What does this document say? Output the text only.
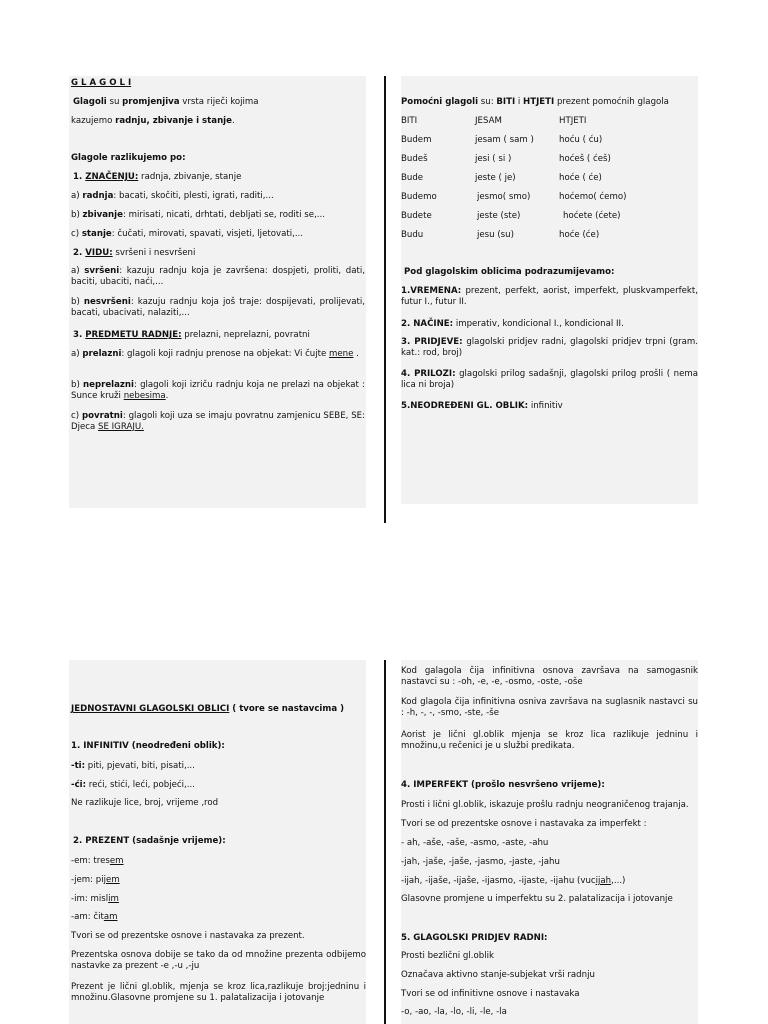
G L A G O L I
Glagoli su promjenjiva vrsta riječi kojima
kazujemo radnju, zbivanje i stanje.
Glagole razlikujemo po:
1. ZNAČENJU: radnja, zbivanje, stanje
a) radnja: bacati, skočiti, plesti, igrati, raditi,...
b) zbivanje: mirisati, nicati, drhtati, debljati se, roditi se,...
c) stanje: čučati, mirovati, spavati, visjeti, ljetovati,...
2. VIDU: svršeni i nesvršeni
a) svršeni: kazuju radnju koja je završena: dospjeti, proliti, dati, baciti, ubaciti, naći,...
b) nesvršeni: kazuju radnju koja još traje: dospijevati, prolijevati, bacati, ubacivati, nalaziti,...
3. PREDMETU RADNJE: prelazni, neprelazni, povratni
a) prelazni: glagoli koji radnju prenose na objekat: Vi čujte mene .
b) neprelazni: glagoli koji izriču radnju koja ne prelazi na objekat : Sunce kruži nebesima.
c) povratni: glagoli koji uza se imaju povratnu zamjenicu SEBE, SE: Djeca SE IGRAJU.
Pomoćni glagoli su: BITI i HTJETI prezent pomoćnih glagola
BITI	JESAM	HTJETI
Budem	jesam ( sam )	hoću ( ću)
Budeš	jesi ( si )	hoćeš ( ćeš)
Bude	jeste ( je)	hoće ( će)
Budemo	jesmo( smo)	hoćemo( ćemo)
Budete	jeste (ste)	hoćete (ćete)
Budu	jesu (su)	hoće (će)
Pod glagolskim oblicima podrazumijevamo:
1.VREMENA: prezent, perfekt, aorist, imperfekt, pluskvamperfekt, futur I., futur II.
2. NAČINE: imperativ, kondicional I., kondicional II.
3. PRIDJEVE: glagolski pridjev radni, glagolski pridjev trpni (gram. kat.: rod, broj)
4. PRILOZI: glagolski prilog sadašnji, glagolski prilog prošli ( nema lica ni broja)
5.NEODREĐENI GL. OBLIK: infinitiv
JEDNOSTAVNI GLAGOLSKI OBLICI ( tvore se nastavcima )
1. INFINITIV (neodređeni oblik):
-ti: piti, pjevati, biti, pisati,...
-ći: reći, stići, leći, pobjeći,...
Ne razlikuje lice, broj, vrijeme ,rod
2. PREZENT (sadašnje vrijeme):
-em: tresem
-jem: pijem
-im: mislim
-am: čitam
Tvori se od prezentske osnove i nastavaka za prezent.
Prezentska osnova dobije se tako da od množine prezenta odbijemo nastavke za prezent -e ,-u ,-ju
Prezent je lični gl.oblik, mjenja se kroz lica,razlikuje broj:jedninu i množinu.Glasovne promjene su 1. palatalizacija i jotovanje
Kod galagola čija infinitivna osnova završava na samogasnik nastavci su : -oh, -e, -e, -osmo, -oste, -oše
Kod glagola čija infinitivna osniva završava na suglasnik nastavci su : -h, -, -, -smo, -ste, -še
Aorist je lični gl.oblik mjenja se kroz lica razlikuje jedninu i množinu,u rečenici je u službi predikata.
4. IMPERFEKT (prošlo nesvršeno vrijeme):
Prosti i lični gl.oblik, iskazuje prošlu radnju neograničenog trajanja.
Tvori se od prezentske osnove i nastavaka za imperfekt :
- ah, -aše, -aše, -asmo, -aste, -ahu
-jah, -jaše, -jaše, -jasmo, -jaste, -jahu
-ijah, -ijaše, -ijaše, -ijasmo, -ijaste, -ijahu (vucijah,...)
Glasovne promjene u imperfektu su 2. palatalizacija i jotovanje
5. GLAGOLSKI PRIDJEV RADNI:
Prosti bezlični gl.oblik
Označava aktivno stanje-subjekat vrši radnju
Tvori se od infinitivne osnove i nastavaka
-o, -ao, -la, -lo, -li, -le, -la
